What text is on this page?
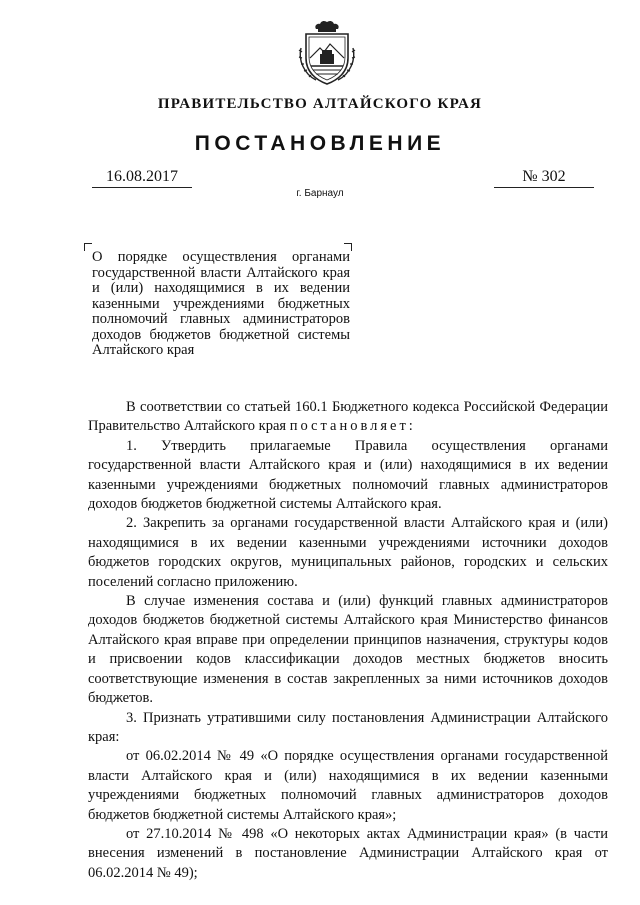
ПРАВИТЕЛЬСТВО АЛТАЙСКОГО КРАЯ
ПОСТАНОВЛЕНИЕ
16.08.2017	№ 302
г. Барнаул
О порядке осуществления органами государственной власти Алтайского края и (или) находящимися в их ведении казенными учреждениями бюджетных полномочий главных администраторов доходов бюджетов бюджетной системы Алтайского края

В соответствии со статьей 160.1 Бюджетного кодекса Российской Федерации Правительство Алтайского края постановляет:

1. Утвердить прилагаемые Правила осуществления органами государственной власти Алтайского края и (или) находящимися в их ведении казенными учреждениями бюджетных полномочий главных администраторов доходов бюджетов бюджетной системы Алтайского края.

2. Закрепить за органами государственной власти Алтайского края и (или) находящимися в их ведении казенными учреждениями источники доходов бюджетов городских округов, муниципальных районов, городских и сельских поселений согласно приложению.

В случае изменения состава и (или) функций главных администраторов доходов бюджетов бюджетной системы Алтайского края Министерство финансов Алтайского края вправе при определении принципов назначения, структуры кодов и присвоении кодов классификации доходов местных бюджетов вносить соответствующие изменения в состав закрепленных за ними источников доходов бюджетов.

3. Признать утратившими силу постановления Администрации Алтайского края:

от 06.02.2014 № 49 «О порядке осуществления органами государственной власти Алтайского края и (или) находящимися в их ведении казенными учреждениями бюджетных полномочий главных администраторов доходов бюджетов бюджетной системы Алтайского края»;

от 27.10.2014 № 498 «О некоторых актах Администрации края» (в части внесения изменений в постановление Администрации Алтайского края от 06.02.2014 № 49);
